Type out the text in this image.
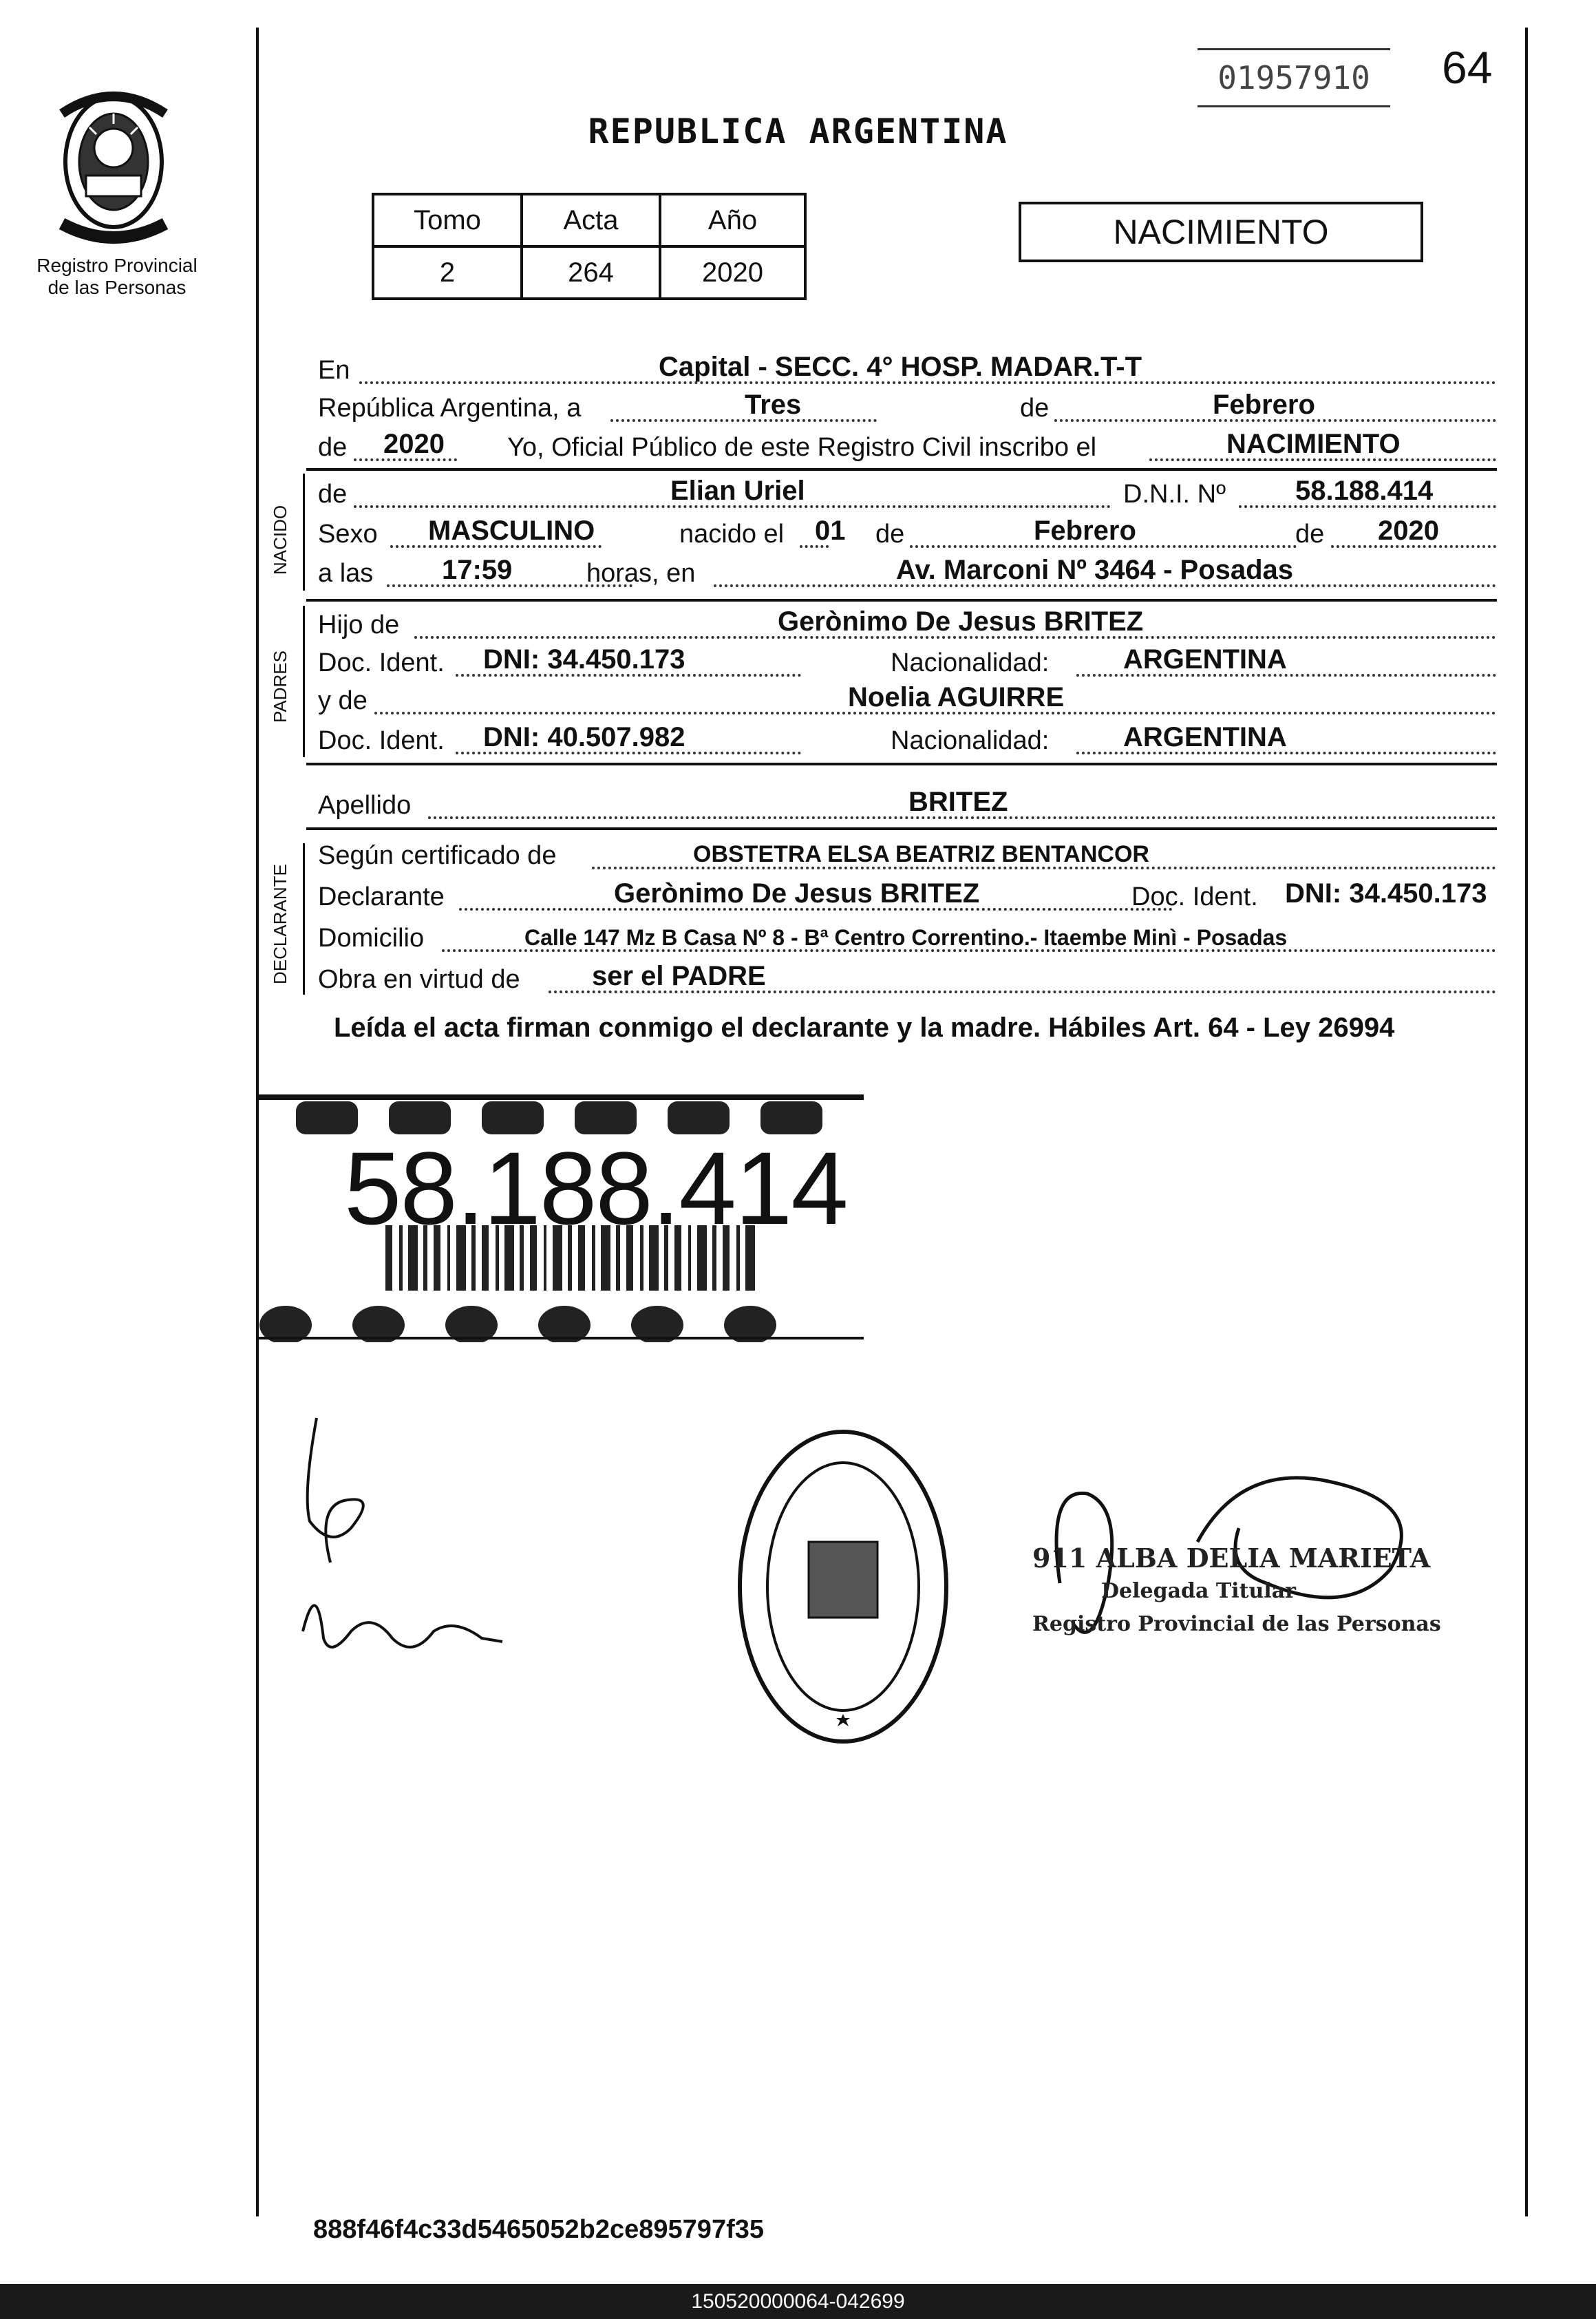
Registro Provincial de las Personas
01957910	64
REPUBLICA ARGENTINA
Tomo	Acta	Año
2	264	2020
NACIMIENTO
En	Capital - SECC. 4° HOSP. MADAR.T-T
República Argentina, a	Tres	de	Febrero
de 2020 Yo, Oficial Público de este Registro Civil inscribo el	NACIMIENTO
NACIDO
de	Elian Uriel	D.N.I. Nº	58.188.414
Sexo MASCULINO	nacido el 01 de	Febrero	de 2020
a las 17:59	horas, en	Av. Marconi Nº 3464 - Posadas
PADRES
Hijo de	Gerònimo De Jesus BRITEZ
Doc. Ident. DNI: 34.450.173	Nacionalidad:	ARGENTINA
y de	Noelia AGUIRRE
Doc. Ident. DNI: 40.507.982	Nacionalidad:	ARGENTINA
Apellido	BRITEZ
DECLARANTE
Según certificado de	OBSTETRA ELSA BEATRIZ BENTANCOR
Declarante	Gerònimo De Jesus BRITEZ	Doc. Ident. DNI: 34.450.173
Domicilio	Calle 147 Mz B Casa Nº 8 - Bª Centro Correntino.- Itaembe Minì - Posadas
Obra en virtud de	ser el PADRE
Leída el acta firman conmigo el declarante y la madre. Hábiles Art. 64 - Ley 26994
58.188.414
911 ALBA DELIA MARIETA
Delegada Titular
Registro Provincial de las Personas
888f46f4c33d5465052b2ce895797f35
150520000064-042699
